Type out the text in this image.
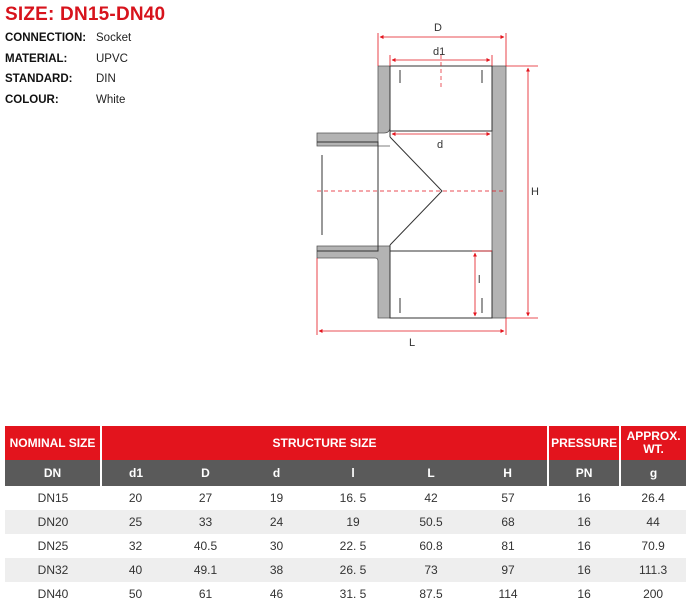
SIZE: DN15-DN40
CONNECTION: Socket
MATERIAL:	UPVC
STANDARD:	DIN
COLOUR:	White
D
d1
d
H
l
L
NOMINAL SIZE	STRUCTURE SIZE						PRESSURE	APPROX. WT.
DN	d1	D	d	l	L	H	PN	g
DN15	20	27	19	16. 5	42	57	16	26.4
DN20	25	33	24	19	50.5	68	16	44
DN25	32	40.5	30	22. 5	60.8	81	16	70.9
DN32	40	49.1	38	26. 5	73	97	16	111.3
DN40	50	61	46	31. 5	87.5	114	16	200
